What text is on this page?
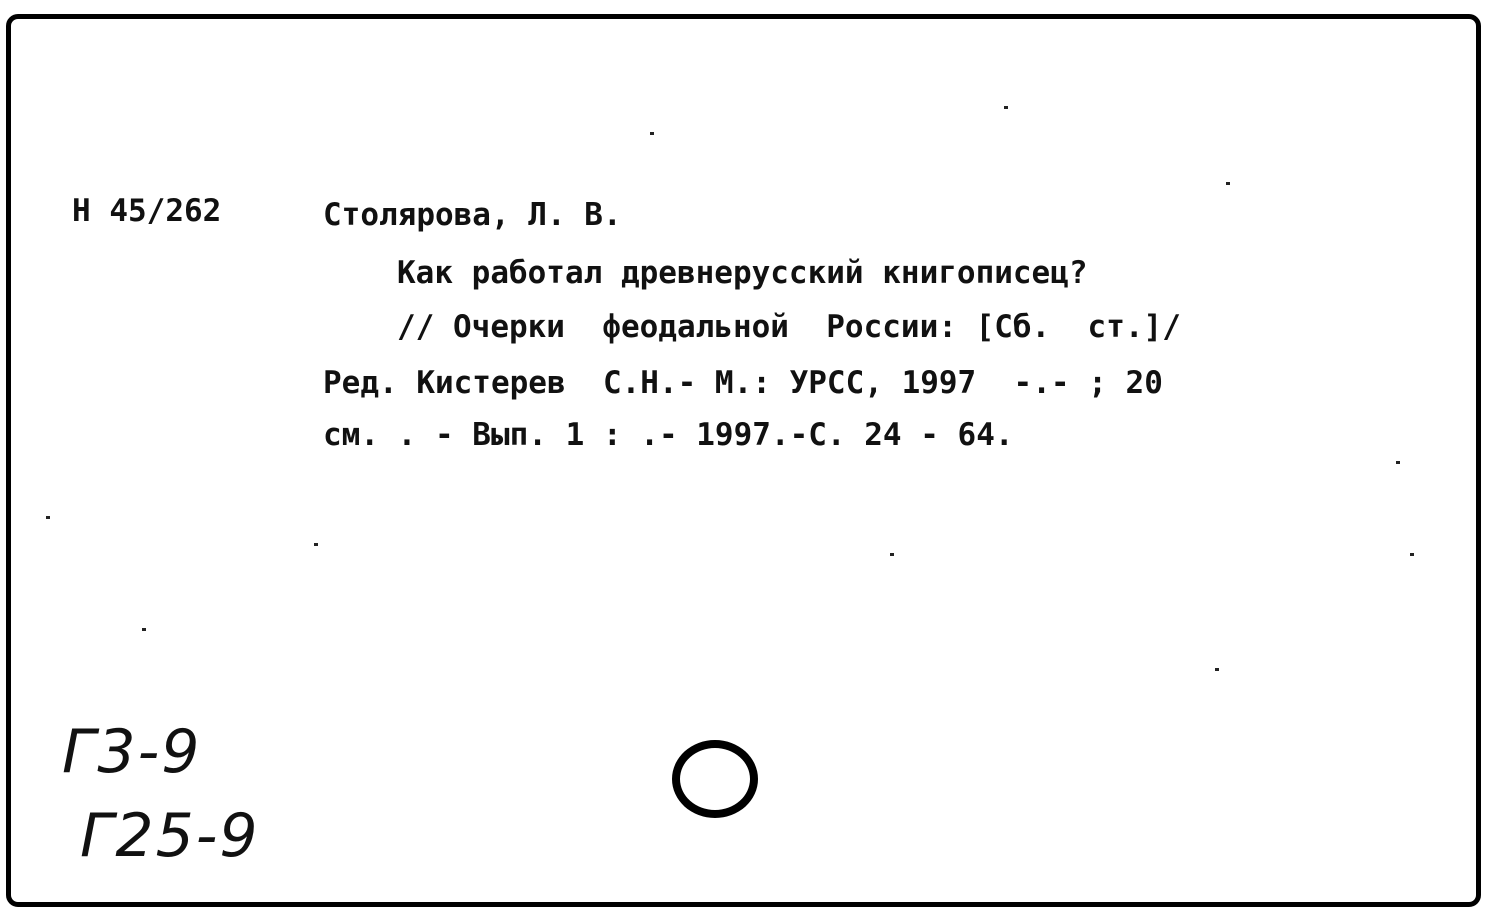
Н 45/262	Столярова, Л. В.
Как работал древнерусский книгописец?
// Очерки  феодальной  России: [Сб.  ст.]/
Ред. Кистерев  С.Н.- М.: УРСС, 1997  -.- ; 20
см. . - Вып. 1 : .- 1997.-С. 24 - 64.
Г3-9
Г25-9
